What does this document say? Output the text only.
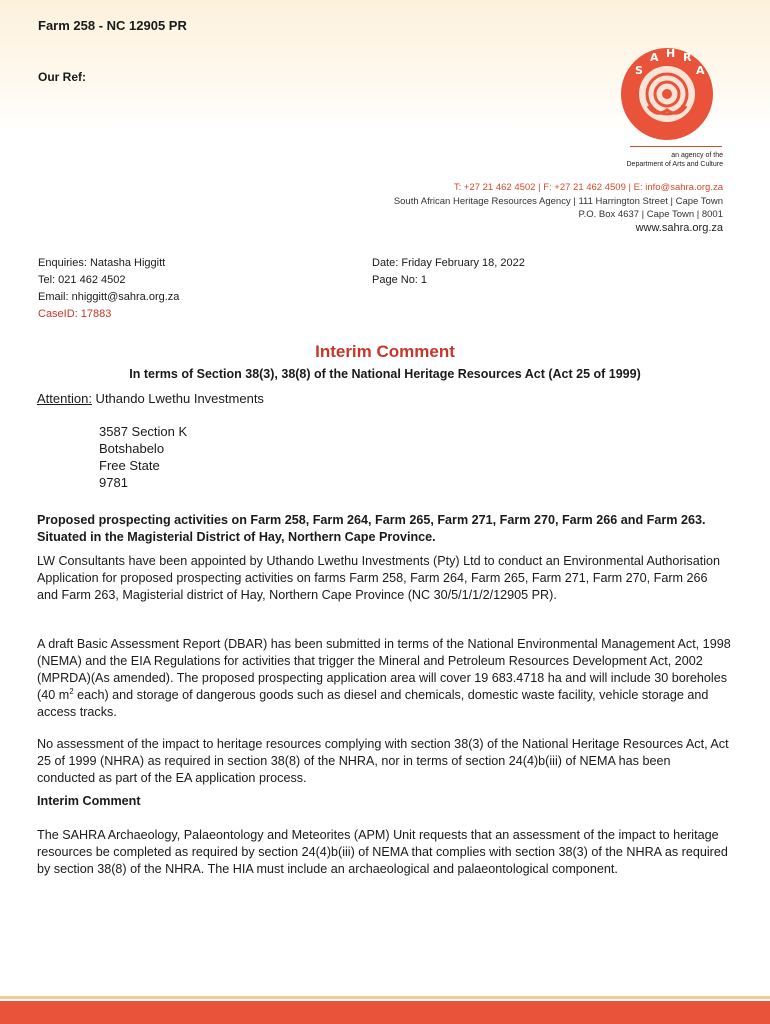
Farm 258 - NC 12905 PR
Our Ref:	S
A H R
A
an agency of the
Department of Arts and Culture
T: +27 21 462 4502 | F: +27 21 462 4509 | E: info@sahra.org.za
South African Heritage Resources Agency | 111 Harrington Street | Cape Town
P.O. Box 4637 | Cape Town | 8001
www.sahra.org.za
Enquiries: Natasha Higgitt
Tel: 021 462 4502
Email: nhiggitt@sahra.org.za
CaseID: 17883
Date: Friday February 18, 2022
Page No: 1
Interim Comment
In terms of Section 38(3), 38(8) of the National Heritage Resources Act (Act 25 of 1999)
Attention: Uthando Lwethu Investments
3587 Section K
Botshabelo
Free State
9781
Proposed prospecting activities on Farm 258, Farm 264, Farm 265, Farm 271, Farm 270, Farm 266 and Farm 263. Situated in the Magisterial District of Hay, Northern Cape Province.
LW Consultants have been appointed by Uthando Lwethu Investments (Pty) Ltd to conduct an Environmental Authorisation Application for proposed prospecting activities on farms Farm 258, Farm 264, Farm 265, Farm 271, Farm 270, Farm 266 and Farm 263, Magisterial district of Hay, Northern Cape Province (NC 30/5/1/1/2/12905 PR).
A draft Basic Assessment Report (DBAR) has been submitted in terms of the National Environmental Management Act, 1998 (NEMA) and the EIA Regulations for activities that trigger the Mineral and Petroleum Resources Development Act, 2002 (MPRDA)(As amended). The proposed prospecting application area will cover 19 683.4718 ha and will include 30 boreholes (40 $m^2$ each) and storage of dangerous goods such as diesel and chemicals, domestic waste facility, vehicle storage and access tracks.
No assessment of the impact to heritage resources complying with section 38(3) of the National Heritage Resources Act, Act 25 of 1999 (NHRA) as required in section 38(8) of the NHRA, nor in terms of section 24(4)b(iii) of NEMA has been conducted as part of the EA application process.
Interim Comment
The SAHRA Archaeology, Palaeontology and Meteorites (APM) Unit requests that an assessment of the impact to heritage resources be completed as required by section 24(4)b(iii) of NEMA that complies with section 38(3) of the NHRA as required by section 38(8) of the NHRA. The HIA must include an archaeological and palaeontological component.
